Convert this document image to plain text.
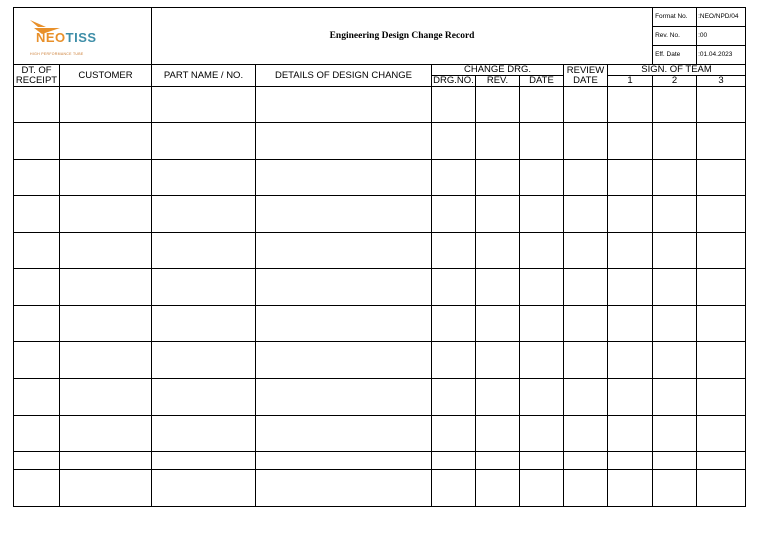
NEOTISS
HIGH PERFORMANCE TUBE		Engineering Design Change Record							Format No.	:NEO/NPD/04
									Rev. No.	:00
									Eff. Date	:01.04.2023
DT. OF RECEIPT	CUSTOMER	PART NAME / NO.	DETAILS OF DESIGN CHANGE	CHANGE DRG.			REVIEW DATE	SIGN. OF TEAM		
				DRG.NO.	REV.	DATE		1	2	3
